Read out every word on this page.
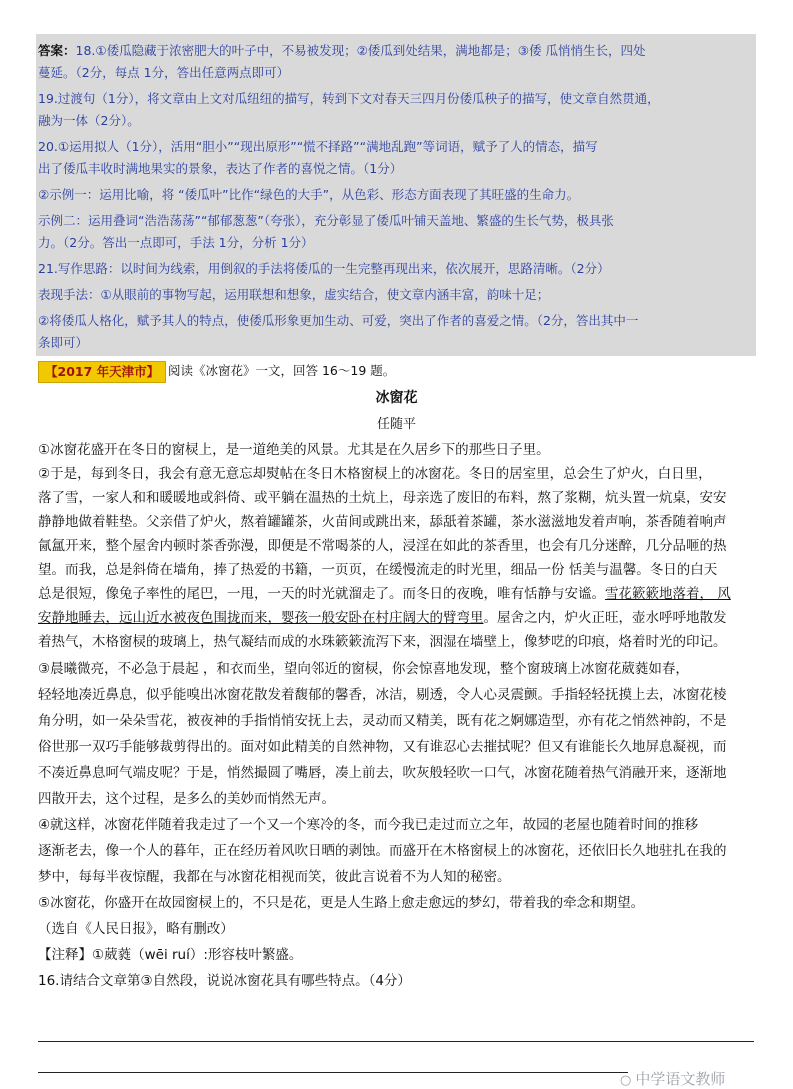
答案：18.①倭瓜隐藏于浓密肥大的叶子中，不易被发现；②倭瓜到处结果，满地都是；③倭 瓜悄悄生长，四处
蔓延。（2分，每点 1分，答出任意两点即可）
19.过渡句（1分），将文章由上文对瓜纽纽的描写，转到下文对春天三四月份倭瓜秧子的描写，使文章自然贯通，
融为一体（2分）。
20.①运用拟人（1分），活用“胆小”“现出原形”“慌不择路”“满地乱跑”等词语，赋予了人的情态，描写
出了倭瓜丰收时满地果实的景象，表达了作者的喜悦之情。（1分）
②示例一：运用比喻，将 “倭瓜叶”比作“绿色的大手”，从色彩、形态方面表现了其旺盛的生命力。
示例二：运用叠词“浩浩荡荡”“郁郁葱葱”（夸张），充分彰显了倭瓜叶铺天盖地、繁盛的生长气势，极具张
力。（2分。答出一点即可，手法 1分，分析 1分）
21.写作思路：以时间为线索，用倒叙的手法将倭瓜的一生完整再现出来，依次展开，思路清晰。（2分）
表现手法：①从眼前的事物写起，运用联想和想象，虚实结合，使文章内涵丰富，韵味十足；
②将倭瓜人格化，赋予其人的特点，使倭瓜形象更加生动、可爱，突出了作者的喜爱之情。（2分，答出其中一
条即可）
【2017 年天津市】 阅读《冰窗花》一文，回答 16～19 题。
冰窗花
任随平
①冰窗花盛开在冬日的窗棂上，是一道绝美的风景。尤其是在久居乡下的那些日子里。
②于是，每到冬日，我会有意无意忘却熨帖在冬日木格窗棂上的冰窗花。冬日的居室里，总会生了炉火，白日里，
落了雪，一家人和和暖暖地或斜倚、或平躺在温热的土炕上，母亲选了废旧的布料，熬了浆糊，炕头置一炕桌，安安
静静地做着鞋垫。父亲借了炉火，熬着罐罐茶，火苗间或跳出来，舔舐着茶罐，茶水滋滋地发着声响，茶香随着响声
氤氲开来，整个屋舍内顿时茶香弥漫，即便是不常喝茶的人，浸淫在如此的茶香里，也会有几分迷醉，几分品咂的热
望。而我，总是斜倚在墙角，捧了热爱的书籍，一页页，在缓慢流走的时光里，细品一份 恬美与温馨。冬日的白天
总是很短，像兔子率性的尾巴，一甩，一天的时光就溜走了。而冬日的夜晚，唯有恬静与安谧。雪花簌簌地落着， 风
安静地睡去，远山近水被夜色围拢而来，婴孩一般安卧在村庄阔大的臂弯里。屋舍之内，炉火正旺，壶水呼呼地散发
着热气，木格窗棂的玻璃上，热气凝结而成的水珠簌簌流泻下来，洇湿在墙壁上，像梦呓的印痕，烙着时光的印记。
③晨曦微亮，不必急于晨起 ，和衣而坐，望向邻近的窗棂，你会惊喜地发现，整个窗玻璃上冰窗花葳蕤如春，
轻轻地凑近鼻息，似乎能嗅出冰窗花散发着馥郁的馨香，冰洁，剔透，令人心灵震颤。手指轻轻抚摸上去，冰窗花棱
角分明，如一朵朵雪花，被夜神的手指悄悄安抚上去，灵动而又精美，既有花之婀娜造型，亦有花之悄然神韵，不是
俗世那一双巧手能够裁剪得出的。面对如此精美的自然神物，又有谁忍心去摧拭呢？但又有谁能长久地屏息凝视，而
不凑近鼻息呵气端皮呢？于是，悄然撮圆了嘴唇，凑上前去，吹灰般轻吹一口气，冰窗花随着热气消融开来，逐渐地
四散开去，这个过程，是多么的美妙而悄然无声。
④就这样，冰窗花伴随着我走过了一个又一个寒冷的冬，而今我已走过而立之年，故园的老屋也随着时间的推移
逐渐老去，像一个人的暮年，正在经历着风吹日晒的剥蚀。而盛开在木格窗棂上的冰窗花，还依旧长久地驻扎在我的
梦中，每每半夜惊醒，我都在与冰窗花相视而笑，彼此言说着不为人知的秘密。
⑤冰窗花，你盛开在故园窗棂上的，不只是花，更是人生路上愈走愈远的梦幻，带着我的牵念和期望。
（选自《人民日报》，略有删改）
【注释】①葳蕤（wēi ruí）:形容枝叶繁盛。
16.请结合文章第③自然段，说说冰窗花具有哪些特点。（4分）
○ 中学语文教师
